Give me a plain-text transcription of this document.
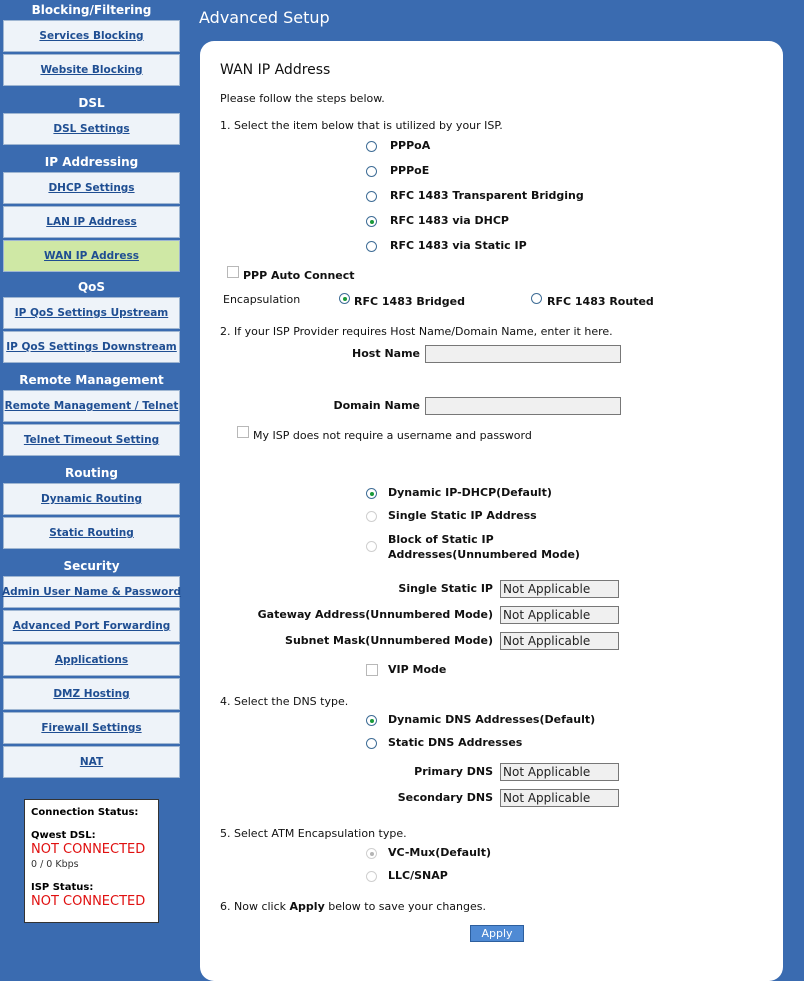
Blocking/Filtering
Services Blocking
Website Blocking
DSL
DSL Settings
IP Addressing
DHCP Settings
LAN IP Address
WAN IP Address
QoS
IP QoS Settings Upstream
IP QoS Settings Downstream
Remote Management
Remote Management / Telnet
Telnet Timeout Setting
Routing
Dynamic Routing
Static Routing
Security
Admin User Name & Password
Advanced Port Forwarding
Applications
DMZ Hosting
Firewall Settings
NAT
Connection Status:
Qwest DSL:
NOT CONNECTED
0 / 0 Kbps
ISP Status:
NOT CONNECTED
Advanced Setup
WAN IP Address
Please follow the steps below.
1. Select the item below that is utilized by your ISP.
PPPoA
PPPoE
RFC 1483 Transparent Bridging
RFC 1483 via DHCP
RFC 1483 via Static IP
PPP Auto Connect
Encapsulation	RFC 1483 Bridged	RFC 1483 Routed
2. If your ISP Provider requires Host Name/Domain Name, enter it here.
Host Name
Domain Name
My ISP does not require a username and password
Dynamic IP-DHCP(Default)
Single Static IP Address
Block of Static IP
Addresses(Unnumbered Mode)
Single Static IP
Not Applicable
Gateway Address(Unnumbered Mode)
Not Applicable
Subnet Mask(Unnumbered Mode)
Not Applicable
VIP Mode
4. Select the DNS type.
Dynamic DNS Addresses(Default)
Static DNS Addresses
Primary DNS
Not Applicable
Secondary DNS
Not Applicable
5. Select ATM Encapsulation type.
VC-Mux(Default)
LLC/SNAP
6. Now click Apply below to save your changes.
Apply
